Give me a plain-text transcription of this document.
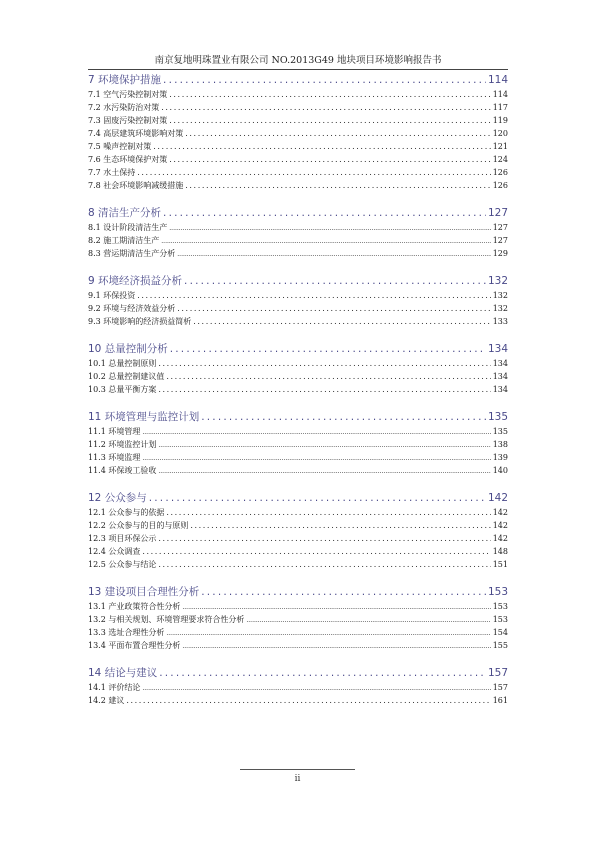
南京复地明珠置业有限公司 NO.2013G49 地块项目环境影响报告书
7 环境保护措施 .....	114
7.1 空气污染控制对策 .....	114
7.2 水污染防治对策 .....	117
7.3 固废污染控制对策 .....	119
7.4 高层建筑环境影响对策 .....	120
7.5 噪声控制对策 .....	121
7.6 生态环境保护对策 .....	124
7.7 水土保持 .....	126
7.8 社会环境影响减缓措施 .....	126
8 清洁生产分析 .....	127
8.1 设计阶段清洁生产 .....	127
8.2 施工期清洁生产 .....	127
8.3 营运期清洁生产分析 .....	129
9 环境经济损益分析 .....	132
9.1 环保投资 .....	132
9.2 环境与经济效益分析 .....	132
9.3 环境影响的经济损益简析 .....	133
10 总量控制分析 .....	134
10.1 总量控制原则 .....	134
10.2 总量控制建议值 .....	134
10.3 总量平衡方案 .....	134
11 环境管理与监控计划 .....	135
11.1 环境管理 .....	135
11.2 环境监控计划 .....	138
11.3 环境监理 .....	139
11.4 环保竣工验收 .....	140
12 公众参与 .....	142
12.1 公众参与的依据 .....	142
12.2 公众参与的目的与原则 .....	142
12.3 项目环保公示 .....	142
12.4 公众调查 .....	148
12.5 公众参与结论 .....	151
13 建设项目合理性分析 .....	153
13.1 产业政策符合性分析 .....	153
13.2 与相关规划、环境管理要求符合性分析 .....	153
13.3 选址合理性分析 .....	154
13.4 平面布置合理性分析 .....	155
14 结论与建议 .....	157
14.1 评价结论 .....	157
14.2 建议 .....	161
ii
